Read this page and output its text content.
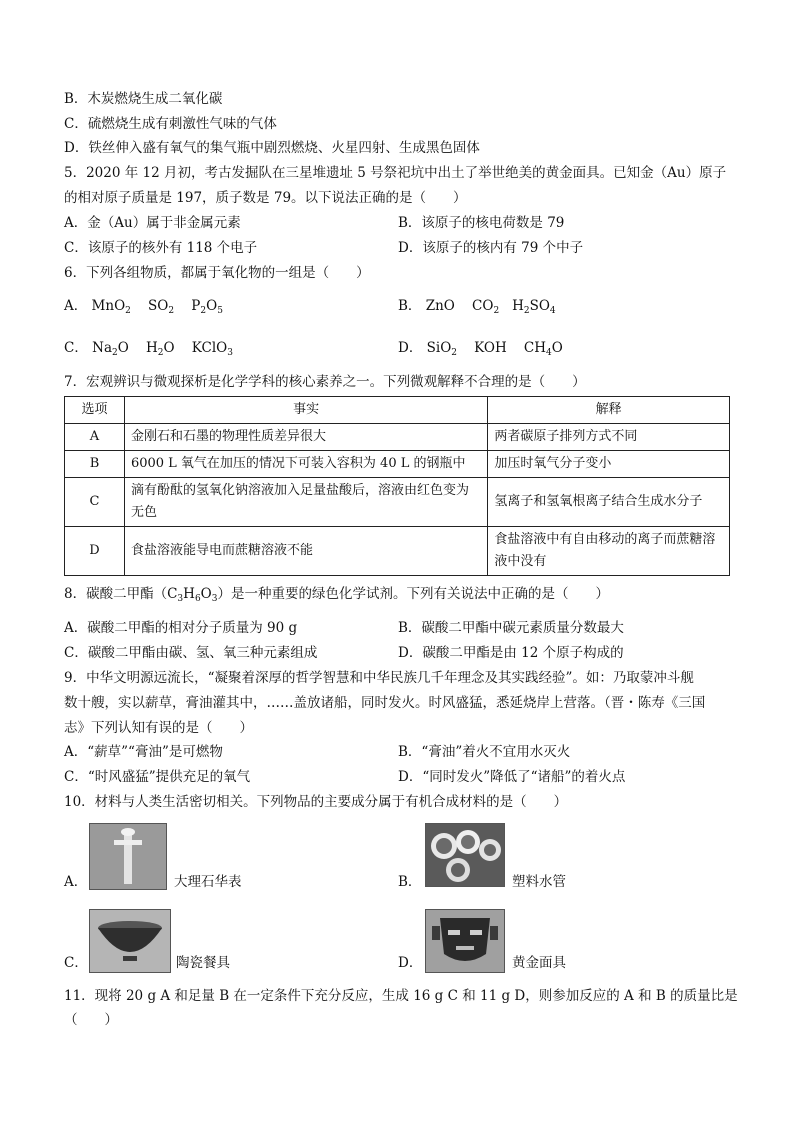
B．木炭燃烧生成二氧化碳
C．硫燃烧生成有刺激性气味的气体
D．铁丝伸入盛有氧气的集气瓶中剧烈燃烧、火星四射、生成黑色固体
5．2020 年 12 月初，考古发掘队在三星堆遗址 5 号祭祀坑中出土了举世绝美的黄金面具。已知金（Au）原子
的相对原子质量是 197，质子数是 79。以下说法正确的是（　　）
A．金（Au）属于非金属元素	B．该原子的核电荷数是 79
C．该原子的核外有 118 个电子	D．该原子的核内有 79 个中子
6．下列各组物质，都属于氧化物的一组是（　　）
A． MnO$_2$ $SO_2$ $P_2O_5$	B． ZnO $CO_2$ $H_2SO_4$
C． $Na_2O$ $H_2O$ KClO$_3$	D． SiO$_2$ KOH $CH_4O$
7．宏观辨识与微观探析是化学学科的核心素养之一。下列微观解释不合理的是（　　）
选项	事实	解释
A	金刚石和石墨的物理性质差异很大	两者碳原子排列方式不同
B	6000 L 氧气在加压的情况下可装入容积为 40 L 的钢瓶中	加压时氧气分子变小
C	滴有酚酞的氢氧化钠溶液加入足量盐酸后，溶液由红色变为无色	氢离子和氢氧根离子结合生成水分子
D	食盐溶液能导电而蔗糖溶液不能	食盐溶液中有自由移动的离子而蔗糖溶液中没有
8．碳酸二甲酯$(C_3H_6O_3)$是一种重要的绿色化学试剂。下列有关说法中正确的是（　　）
A．碳酸二甲酯的相对分子质量为 90 g	B．碳酸二甲酯中碳元素质量分数最大
C．碳酸二甲酯由碳、氢、氧三种元素组成	D．碳酸二甲酯是由 12 个原子构成的
9．中华文明源远流长，“凝聚着深厚的哲学智慧和中华民族几千年理念及其实践经验”。如：乃取蒙冲斗舰
数十艘，实以薪草，膏油灌其中，……盖放诸船，同时发火。时风盛猛，悉延烧岸上营落。（晋・陈寿《三国
志》下列认知有误的是（　　）
A．“薪草”“膏油”是可燃物	B．“膏油”着火不宜用水灭火
C．“时风盛猛”提供充足的氧气	D．“同时发火”降低了“诸船”的着火点
10．材料与人类生活密切相关。下列物品的主要成分属于有机合成材料的是（　　）
A．	大理石华表	B．	塑料水管
C．	陶瓷餐具	D．	黄金面具
11．现将 20 g A 和足量 B 在一定条件下充分反应，生成 16 g C 和 11 g D，则参加反应的 A 和 B 的质量比是
（　　）
